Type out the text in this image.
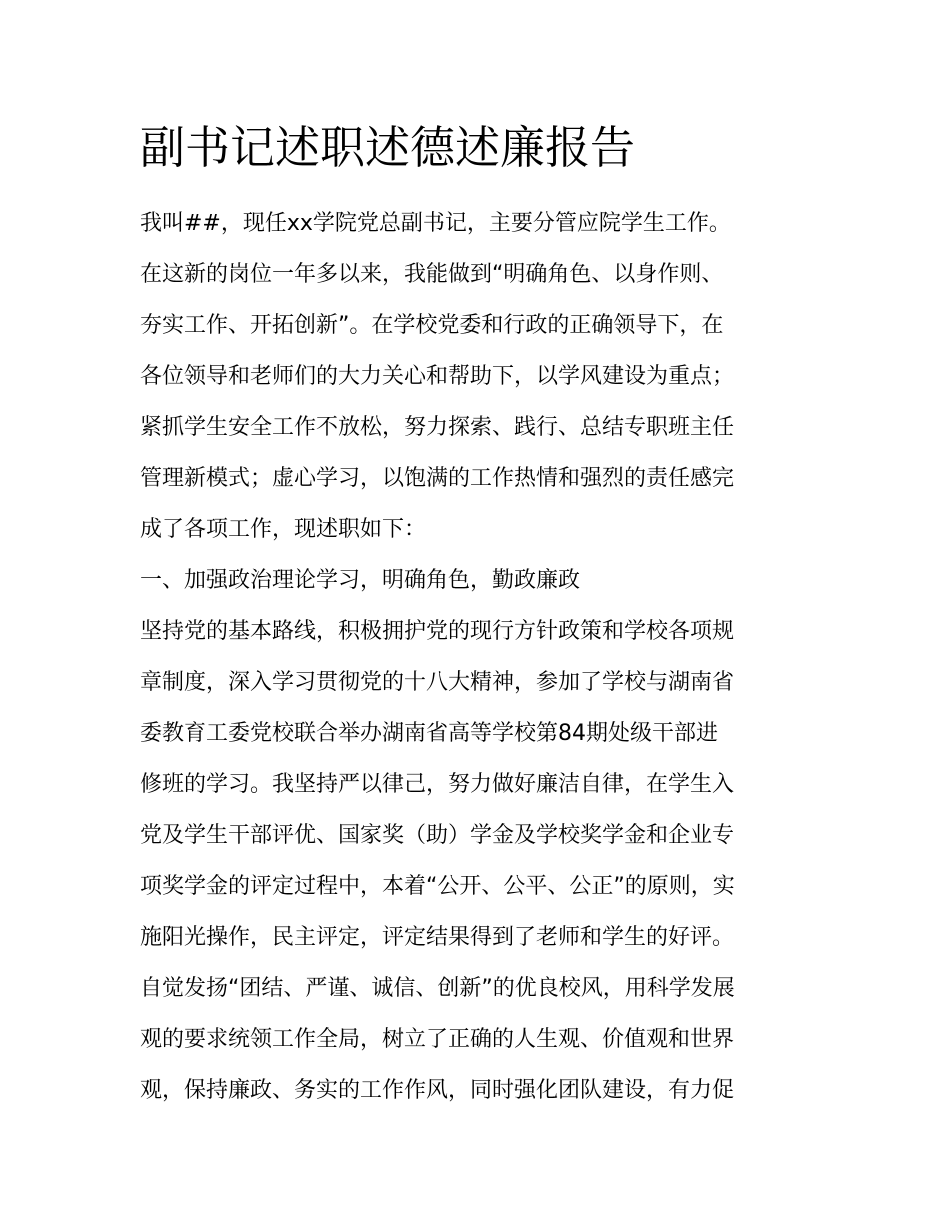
副书记述职述德述廉报告
我叫##，现任xx学院党总副书记，主要分管应院学生工作。
在这新的岗位一年多以来，我能做到“明确角色、以身作则、
夯实工作、开拓创新”。在学校党委和行政的正确领导下，在
各位领导和老师们的大力关心和帮助下，以学风建设为重点；
紧抓学生安全工作不放松，努力探索、践行、总结专职班主任
管理新模式；虚心学习，以饱满的工作热情和强烈的责任感完
成了各项工作，现述职如下：
一、加强政治理论学习，明确角色，勤政廉政
坚持党的基本路线，积极拥护党的现行方针政策和学校各项规
章制度，深入学习贯彻党的十八大精神，参加了学校与湖南省
委教育工委党校联合举办湖南省高等学校第84期处级干部进
修班的学习。我坚持严以律己，努力做好廉洁自律，在学生入
党及学生干部评优、国家奖（助）学金及学校奖学金和企业专
项奖学金的评定过程中，本着“公开、公平、公正”的原则，实
施阳光操作，民主评定，评定结果得到了老师和学生的好评。
自觉发扬“团结、严谨、诚信、创新”的优良校风，用科学发展
观的要求统领工作全局，树立了正确的人生观、价值观和世界
观，保持廉政、务实的工作作风，同时强化团队建设，有力促
